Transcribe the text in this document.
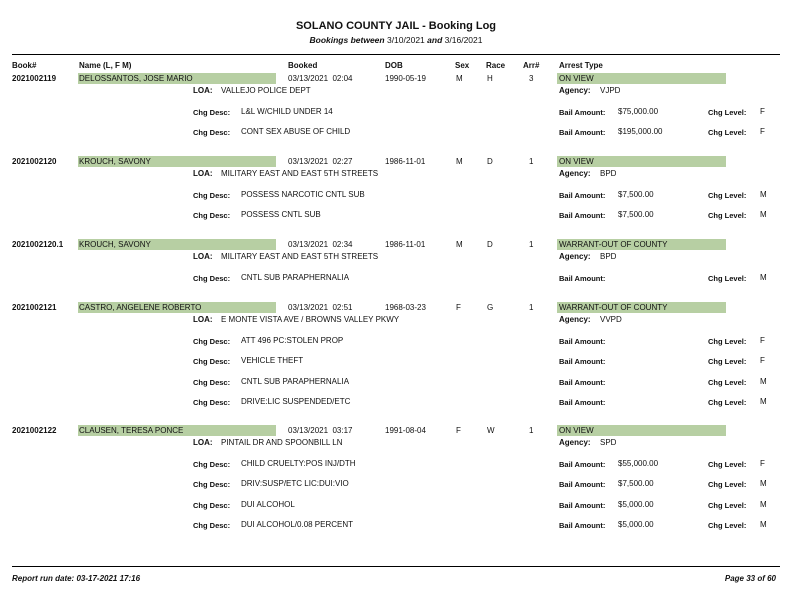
SOLANO COUNTY JAIL - Booking Log
Bookings between 3/10/2021 and 3/16/2021
Book#	Name (L, F M)	Booked	DOB	Sex Race Arr# Arrest Type
2021002119	DELOSSANTOS, JOSE MARIO	03/13/2021  02:04	1990-05-19	M	H	3	ON VIEW
LOA: VALLEJO POLICE DEPT	Agency: VJPD
Chg Desc: L&L W/CHILD UNDER 14	Bail Amount: $75,000.00	Chg Level: F
Chg Desc: CONT SEX ABUSE OF CHILD	Bail Amount: $195,000.00	Chg Level: F
2021002120	KROUCH, SAVONY	03/13/2021  02:27	1986-11-01	M	D	1	ON VIEW
LOA: MILITARY EAST AND EAST 5TH STREETS	Agency: BPD
Chg Desc: POSSESS NARCOTIC CNTL SUB	Bail Amount: $7,500.00	Chg Level: M
Chg Desc: POSSESS CNTL SUB	Bail Amount: $7,500.00	Chg Level: M
2021002120.1 KROUCH, SAVONY	03/13/2021  02:34	1986-11-01	M	D	1	WARRANT-OUT OF COUNTY
LOA: MILITARY EAST AND EAST 5TH STREETS	Agency: BPD
Chg Desc: CNTL SUB PARAPHERNALIA	Bail Amount:	Chg Level: M
2021002121	CASTRO, ANGELENE ROBERTO	03/13/2021  02:51	1968-03-23	F	G	1	WARRANT-OUT OF COUNTY
LOA: E MONTE VISTA AVE / BROWNS VALLEY PKWY	Agency: VVPD
Chg Desc: ATT 496 PC:STOLEN PROP	Bail Amount:	Chg Level: F
Chg Desc: VEHICLE THEFT	Bail Amount:	Chg Level: F
Chg Desc: CNTL SUB PARAPHERNALIA	Bail Amount:	Chg Level: M
Chg Desc: DRIVE:LIC SUSPENDED/ETC	Bail Amount:	Chg Level: M
2021002122	CLAUSEN, TERESA PONCE	03/13/2021  03:17	1991-08-04	F	W	1	ON VIEW
LOA: PINTAIL DR AND SPOONBILL LN	Agency: SPD
Chg Desc: CHILD CRUELTY:POS INJ/DTH	Bail Amount: $55,000.00	Chg Level: F
Chg Desc: DRIV:SUSP/ETC LIC:DUI:VIO	Bail Amount: $7,500.00	Chg Level: M
Chg Desc: DUI ALCOHOL	Bail Amount: $5,000.00	Chg Level: M
Chg Desc: DUI ALCOHOL/0.08 PERCENT	Bail Amount: $5,000.00	Chg Level: M
Report run date: 03-17-2021 17:16	Page 33 of 60
